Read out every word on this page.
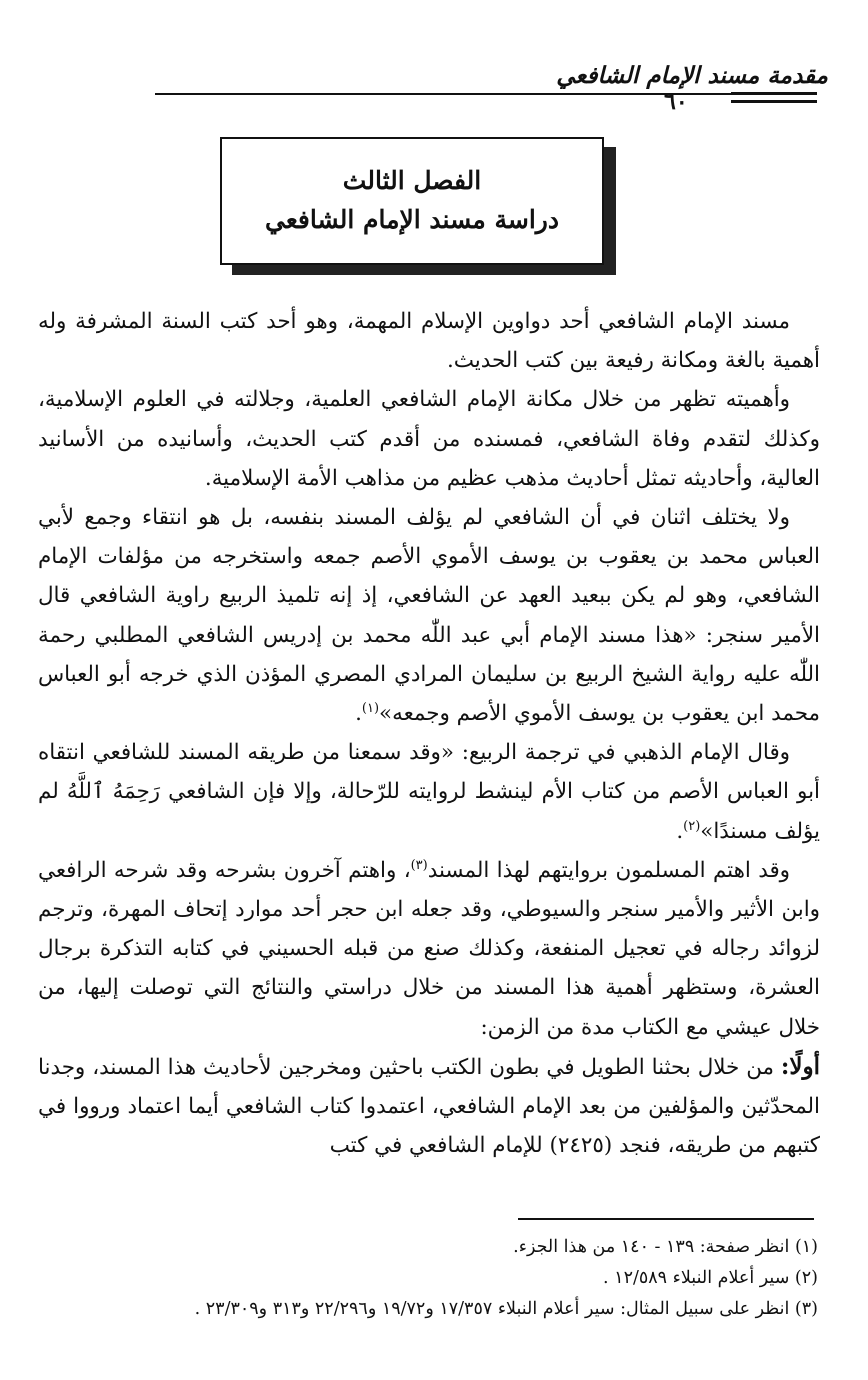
مقدمة مسند الإمام الشافعي
٦٠
الفصل الثالث
دراسة مسند الإمام الشافعي

مسند الإمام الشافعي أحد دواوين الإسلام المهمة، وهو أحد كتب السنة المشرفة وله أهمية بالغة ومكانة رفيعة بين كتب الحديث.

وأهميته تظهر من خلال مكانة الإمام الشافعي العلمية، وجلالته في العلوم الإسلامية، وكذلك لتقدم وفاة الشافعي، فمسنده من أقدم كتب الحديث، وأسانيده من الأسانيد العالية، وأحاديثه تمثل أحاديث مذهب عظيم من مذاهب الأمة الإسلامية.

ولا يختلف اثنان في أن الشافعي لم يؤلف المسند بنفسه، بل هو انتقاء وجمع لأبي العباس محمد بن يعقوب بن يوسف الأموي الأصم جمعه واستخرجه من مؤلفات الإمام الشافعي، وهو لم يكن ببعيد العهد عن الشافعي، إذ إنه تلميذ الربيع راوية الشافعي قال الأمير سنجر: «هذا مسند الإمام أبي عبد اللّٰه محمد بن إدريس الشافعي المطلبي رحمة اللّٰه عليه رواية الشيخ الربيع بن سليمان المرادي المصري المؤذن الذي خرجه أبو العباس محمد ابن يعقوب بن يوسف الأموي الأصم وجمعه»$^{(١)}$.

وقال الإمام الذهبي في ترجمة الربيع: «وقد سمعنا من طريقه المسند للشافعي انتقاه أبو العباس الأصم من كتاب الأم لينشط لروايته للرّحالة، وإلا فإن الشافعي رَحِمَهُ ٱللَّهُ لم يؤلف مسندًا»$^{(٢)}$.

وقد اهتم المسلمون بروايتهم لهذا المسند$^{(٣)}$، واهتم آخرون بشرحه وقد شرحه الرافعي وابن الأثير والأمير سنجر والسيوطي، وقد جعله ابن حجر أحد موارد إتحاف المهرة، وترجم لزوائد رجاله في تعجيل المنفعة، وكذلك صنع من قبله الحسيني في كتابه التذكرة برجال العشرة، وستظهر أهمية هذا المسند من خلال دراستي والنتائج التي توصلت إليها، من خلال عيشي مع الكتاب مدة من الزمن:

أولًا: من خلال بحثنا الطويل في بطون الكتب باحثين ومخرجين لأحاديث هذا المسند، وجدنا المحدّثين والمؤلفين من بعد الإمام الشافعي، اعتمدوا كتاب الشافعي أيما اعتماد ورووا في كتبهم من طريقه، فنجد (٢٤٢٥) للإمام الشافعي في كتب

(١) انظر صفحة: ١٣٩ - ١٤٠ من هذا الجزء.
(٢) سير أعلام النبلاء ١٢/٥٨٩ .
(٣) انظر على سبيل المثال: سير أعلام النبلاء ١٧/٣٥٧ و١٩/٧٢ و٢٢/٢٩٦ و٣١٣ و٢٣/٣٠٩ .
